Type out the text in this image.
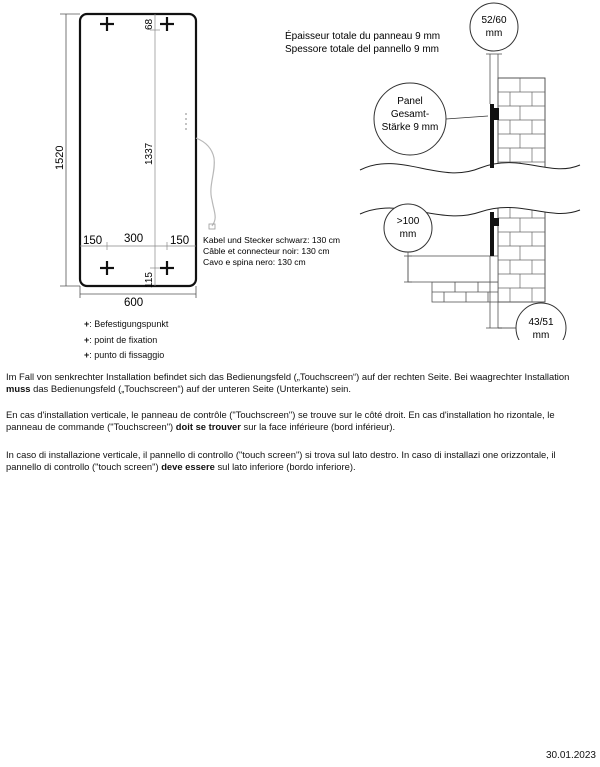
1520
68
1337
115
150 300 150
600
Kabel und Stecker schwarz: 130 cm
Câble et connecteur noir: 130 cm
Cavo e spina nero: 130 cm
Épaisseur totale du panneau 9 mm
Spessore totale del pannello 9 mm
Panel
Gesamt-
Stärke 9 mm
52/60
mm
>100
mm
43/51
mm
+: Befestigungspunkt
+: point de fixation
+: punto di fissaggio
Im Fall von senkrechter Installation befindet sich das Bedienungsfeld („Touchscreen“) auf der rechten Seite. Bei waagrechter Installation
muss das Bedienungsfeld („Touchscreen“) auf der unteren Seite (Unterkante) sein.
En cas d'installation verticale, le panneau de contrôle ("Touchscreen") se trouve sur le côté droit. En cas d'installation ho rizontale, le
panneau de commande ("Touchscreen") doit se trouver sur la face inférieure (bord inférieur).
In caso di installazione verticale, il pannello di controllo ("touch screen") si trova sul lato destro. In caso di installazi one orizzontale, il
pannello di controllo ("touch screen") deve essere sul lato inferiore (bordo inferiore).
30.01.2023
